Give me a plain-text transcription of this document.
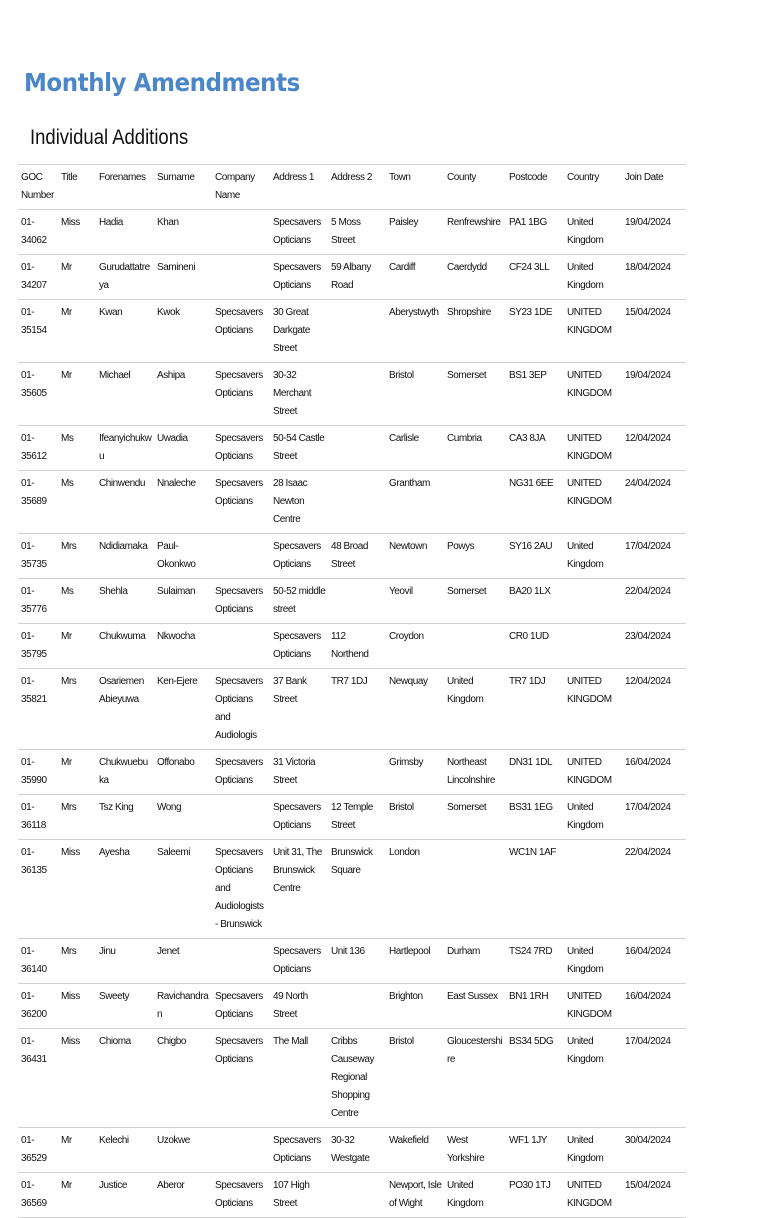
Monthly Amendments
Individual Additions
GOC Number	Title	Forenames	Surname	Company Name	Address 1	Address 2	Town	County	Postcode	Country	Join Date
01-34062	Miss	Hadia	Khan		Specsavers Opticians	5 Moss Street	Paisley	Renfrewshire	PA1 1BG	United Kingdom	19/04/2024
01-34207	Mr	Gurudattatreya	Samineni		Specsavers Opticians	59 Albany Road	Cardiff	Caerdydd	CF24 3LL	United Kingdom	18/04/2024
01-35154	Mr	Kwan	Kwok	Specsavers Opticians	30 Great Darkgate Street		Aberystwyth	Shropshire	SY23 1DE	UNITED KINGDOM	15/04/2024
01-35605	Mr	Michael	Ashipa	Specsavers Opticians	30-32 Merchant Street		Bristol	Somerset	BS1 3EP	UNITED KINGDOM	19/04/2024
01-35612	Ms	Ifeanyichukwu	Uwadia	Specsavers Opticians	50-54 Castle Street		Carlisle	Cumbria	CA3 8JA	UNITED KINGDOM	12/04/2024
01-35689	Ms	Chinwendu	Nnaleche	Specsavers Opticians	28 Isaac Newton Centre		Grantham		NG31 6EE	UNITED KINGDOM	24/04/2024
01-35735	Mrs	Ndidiamaka	Paul-Okonkwo		Specsavers Opticians	48 Broad Street	Newtown	Powys	SY16 2AU	United Kingdom	17/04/2024
01-35776	Ms	Shehla	Sulaiman	Specsavers Opticians	50-52 middle street		Yeovil	Somerset	BA20 1LX		22/04/2024
01-35795	Mr	Chukwuma	Nkwocha		Specsavers Opticians	112 Northend	Croydon		CR0 1UD		23/04/2024
01-35821	Mrs	Osariemen Abieyuwa	Ken-Ejere	Specsavers Opticians and Audiologis	37 Bank Street	TR7 1DJ	Newquay	United Kingdom	TR7 1DJ	UNITED KINGDOM	12/04/2024
01-35990	Mr	Chukwuebuka	Offonabo	Specsavers Opticians	31 Victoria Street		Grimsby	Northeast Lincolnshire	DN31 1DL	UNITED KINGDOM	16/04/2024
01-36118	Mrs	Tsz King	Wong		Specsavers Opticians	12 Temple Street	Bristol	Somerset	BS31 1EG	United Kingdom	17/04/2024
01-36135	Miss	Ayesha	Saleemi	Specsavers Opticians and Audiologists - Brunswick	Unit 31, The Brunswick Centre	Brunswick Square	London		WC1N 1AF		22/04/2024
01-36140	Mrs	Jinu	Jenet		Specsavers Opticians	Unit 136	Hartlepool	Durham	TS24 7RD	United Kingdom	16/04/2024
01-36200	Miss	Sweety	Ravichandran	Specsavers Opticians	49 North Street		Brighton	East Sussex	BN1 1RH	UNITED KINGDOM	16/04/2024
01-36431	Miss	Chioma	Chigbo	Specsavers Opticians	The Mall	Cribbs Causeway Regional Shopping Centre	Bristol	Gloucestershire	BS34 5DG	United Kingdom	17/04/2024
01-36529	Mr	Kelechi	Uzokwe		Specsavers Opticians	30-32 Westgate	Wakefield	West Yorkshire	WF1 1JY	United Kingdom	30/04/2024
01-36569	Mr	Justice	Aberor	Specsavers Opticians	107 High Street		Newport, Isle of Wight	United Kingdom	PO30 1TJ	UNITED KINGDOM	15/04/2024
